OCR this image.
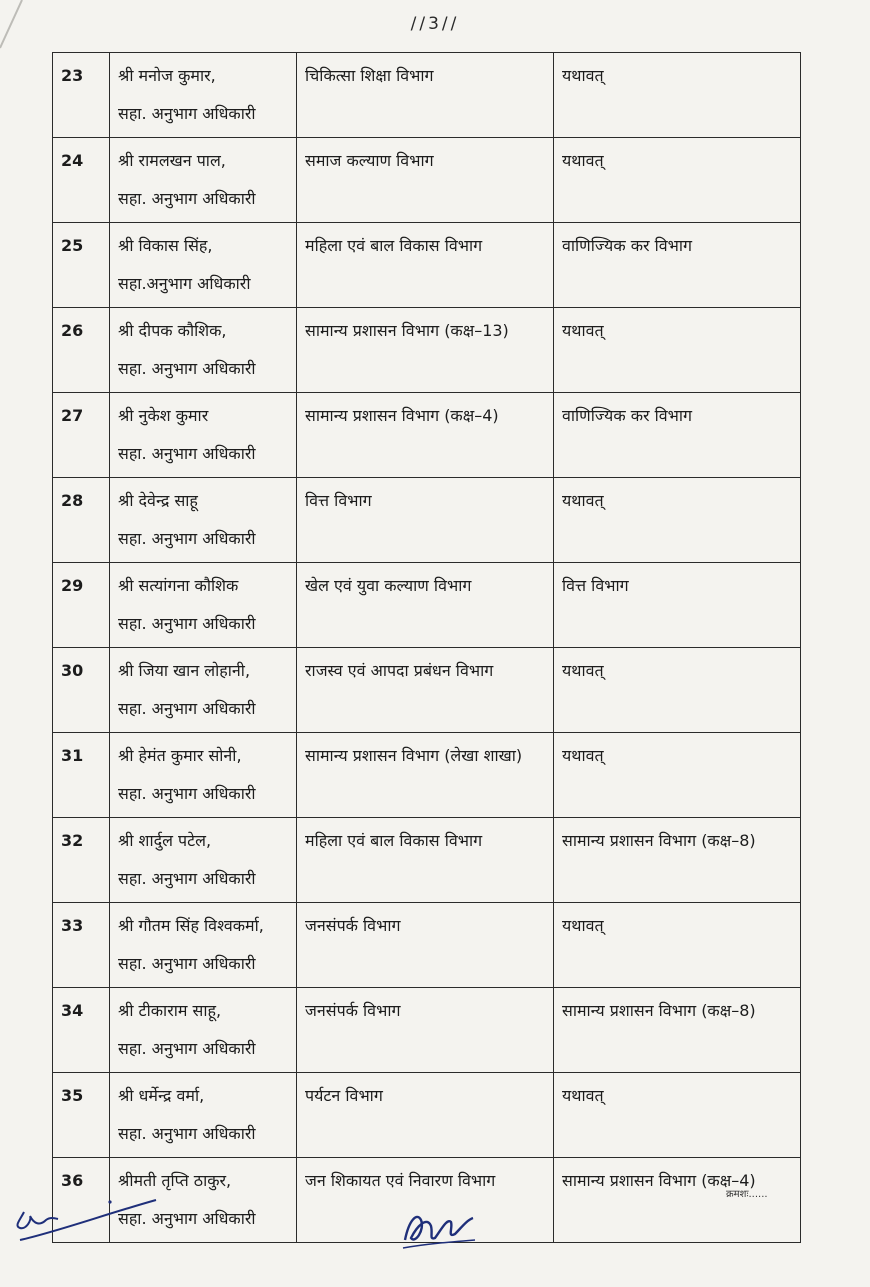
//3//
23	श्री मनोज कुमार,
सहा. अनुभाग अधिकारी	चिकित्सा शिक्षा विभाग	यथावत्
24	श्री रामलखन पाल,
सहा. अनुभाग अधिकारी	समाज कल्याण विभाग	यथावत्
25	श्री विकास सिंह,
सहा.अनुभाग अधिकारी	महिला एवं बाल विकास विभाग	वाणिज्यिक कर विभाग
26	श्री दीपक कौशिक,
सहा. अनुभाग अधिकारी	सामान्य प्रशासन विभाग (कक्ष–13)	यथावत्
27	श्री नुकेश कुमार
सहा. अनुभाग अधिकारी	सामान्य प्रशासन विभाग (कक्ष–4)	वाणिज्यिक कर विभाग
28	श्री देवेन्द्र साहू
सहा. अनुभाग अधिकारी	वित्त विभाग	यथावत्
29	श्री सत्यांगना कौशिक
सहा. अनुभाग अधिकारी	खेल एवं युवा कल्याण विभाग	वित्त विभाग
30	श्री जिया खान लोहानी,
सहा. अनुभाग अधिकारी	राजस्व एवं आपदा प्रबंधन विभाग	यथावत्
31	श्री हेमंत कुमार सोनी,
सहा. अनुभाग अधिकारी	सामान्य प्रशासन विभाग (लेखा शाखा)	यथावत्
32	श्री शार्दुल पटेल,
सहा. अनुभाग अधिकारी	महिला एवं बाल विकास विभाग	सामान्य प्रशासन विभाग (कक्ष–8)
33	श्री गौतम सिंह विश्वकर्मा,
सहा. अनुभाग अधिकारी	जनसंपर्क विभाग	यथावत्
34	श्री टीकाराम साहू,
सहा. अनुभाग अधिकारी	जनसंपर्क विभाग	सामान्य प्रशासन विभाग (कक्ष–8)
35	श्री धर्मेन्द्र वर्मा,
सहा. अनुभाग अधिकारी	पर्यटन विभाग	यथावत्
36	श्रीमती तृप्ति ठाकुर,
सहा. अनुभाग अधिकारी	जन शिकायत एवं निवारण विभाग	सामान्य प्रशासन विभाग (कक्ष–4)
क्रमशः......
